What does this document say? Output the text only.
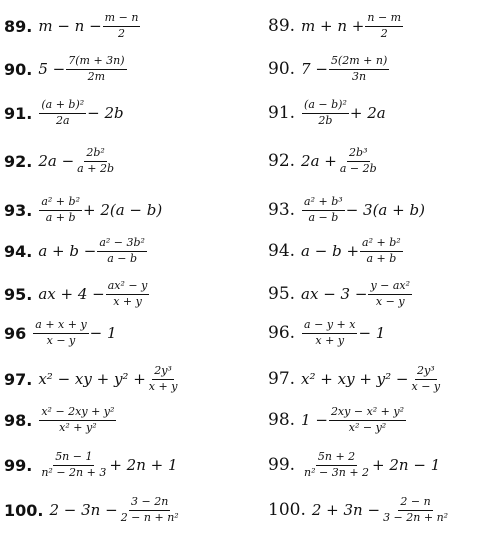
89. $m - n - \frac{m - n}{2}$
90. $5 - \frac{7(m + 3n)}{2m}$
91. $\frac{\text{(a + b)²}}{2a} - 2b$
92. $2a - \frac{\text{2b²}}{a + 2b}$
93. $\frac{\text{a² + b²}}{a + b} + 2(a - b)$
94. $a + b - \frac{\text{a² − 3b²}}{a - b}$
95. ax + $4 - \frac{\text{ax² − y}}{x + y}$
$96 \frac{a + x + y}{x - y} - 1$
97. x² − xy + $y^2 + \frac{\text{2y³}}{x + y}$
98. $\frac{\text{x² − 2xy + y²}}{\text{x² + y²}}$
99. $\frac{5n - 1}{\text{n² − 2n + 3}} + 2n + 1$
100. $2 - 3n - \frac{3 - 2n}{\text{2 − n + n²}}$
89. $m + n + \frac{n - m}{2}$
90. $7 - \frac{5(2m + n)}{3n}$
91. $\frac{\text{(a − b)²}}{2b} + 2a$
92. $2a + \frac{\text{2b³}}{a - 2b}$
93. $\frac{\text{a² + b³}}{a - b} - 3(a + b)$
94. $a - b + \frac{\text{a² + b²}}{a + b}$
95. ax − $3 - \frac{\text{y − ax²}}{x - y}$
96. $\frac{a - y + x}{x + y} - 1$
97. x² + xy + $y^2 - \frac{\text{2y³}}{x - y}$
98. $1 - \frac{\text{2xy − x² + y²}}{\text{x² − y²}}$
99. $\frac{5n + 2}{\text{n² − 3n + 2}} + 2n - 1$
100. $2 + 3n - \frac{2 - n}{\text{3 − 2n + n²}}$
